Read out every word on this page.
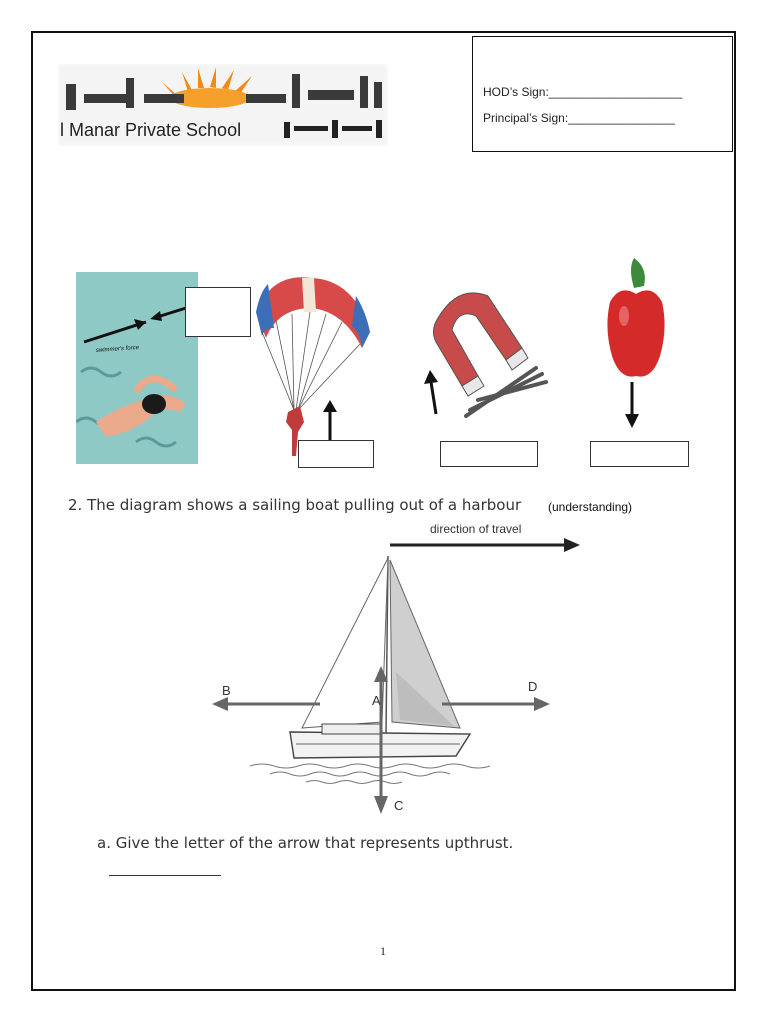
l Manar Private School
HOD’s Sign:____________________
Principal’s Sign:________________
swimmer's force
2. The diagram shows a sailing boat pulling out of a harbour (understanding)
direction of travel
B	D
A
C
a. Give the letter of the arrow that represents upthrust.
1
